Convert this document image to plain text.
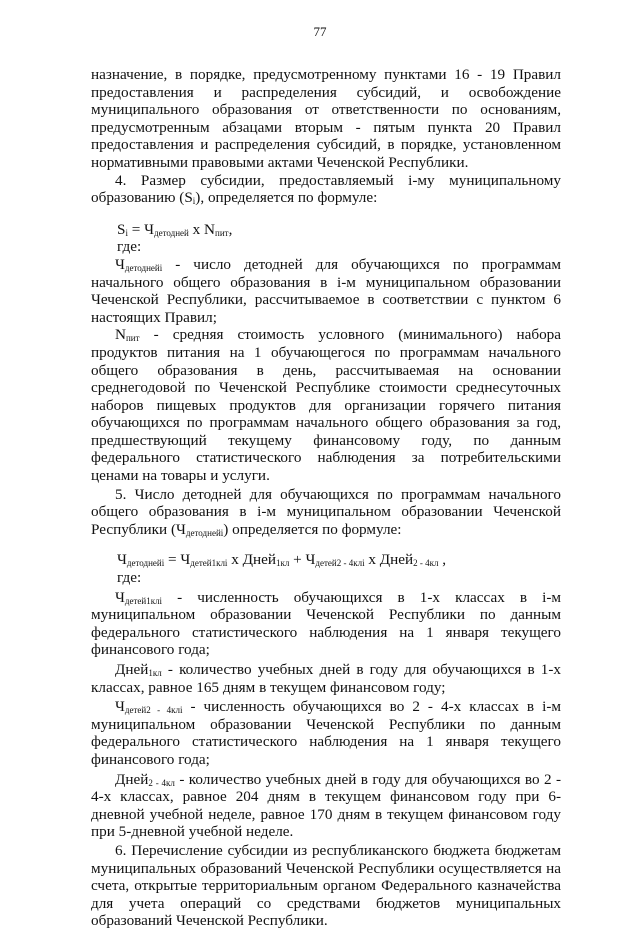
77

назначение, в порядке, предусмотренному пунктами 16 - 19 Правил предоставления и распределения субсидий, и освобождение муниципального образования от ответственности по основаниям, предусмотренным абзацами вторым - пятым пункта 20 Правил предоставления и распределения субсидий, в порядке, установленном нормативными правовыми актами Чеченской Республики.

4. Размер субсидии, предоставляемый i-му муниципальному образованию $(S_i)$, определяется по формуле:

$S_i = Ч_{детодней}$ x $N_{пит}$,

где:

$Ч_{детоднейi}$ - число детодней для обучающихся по программам начального общего образования в i-м муниципальном образовании Чеченской Республики, рассчитываемое в соответствии с пунктом 6 настоящих Правил;

$N_{пит}$ - средняя стоимость условного (минимального) набора продуктов питания на 1 обучающегося по программам начального общего образования в день, рассчитываемая на основании среднегодовой по Чеченской Республике стоимости среднесуточных наборов пищевых продуктов для организации горячего питания обучающихся по программам начального общего образования за год, предшествующий текущему финансовому году, по данным федерального статистического наблюдения за потребительскими ценами на товары и услуги.

5. Число детодней для обучающихся по программам начального общего образования в i-м муниципальном образовании Чеченской Республики $(Ч_{детоднейi})$ определяется по формуле:

$Ч_{детоднейi} = Ч_{детей1клi}$ x Дней$_{1кл}$ + $Ч_{детей2 - 4клi}$ x Дней$_{2 - 4кл}$ ,

где:

$Ч_{детей1клi}$ - численность обучающихся в 1-х классах в i-м муниципальном образовании Чеченской Республики по данным федерального статистического наблюдения на 1 января текущего финансового года;

Дней$_{1кл}$ - количество учебных дней в году для обучающихся в 1-х классах, равное 165 дням в текущем финансовом году;

$Ч_{детей2 - 4клi}$ - численность обучающихся во 2 - 4-х классах в i-м муниципальном образовании Чеченской Республики по данным федерального статистического наблюдения на 1 января текущего финансового года;

Дней$_{2 - 4кл}$ - количество учебных дней в году для обучающихся во 2 - 4-х классах, равное 204 дням в текущем финансовом году при 6-дневной учебной неделе, равное 170 дням в текущем финансовом году при 5-дневной учебной неделе.

6. Перечисление субсидии из республиканского бюджета бюджетам муниципальных образований Чеченской Республики осуществляется на счета, открытые территориальным органом Федерального казначейства для учета операций со средствами бюджетов муниципальных образований Чеченской Республики.
